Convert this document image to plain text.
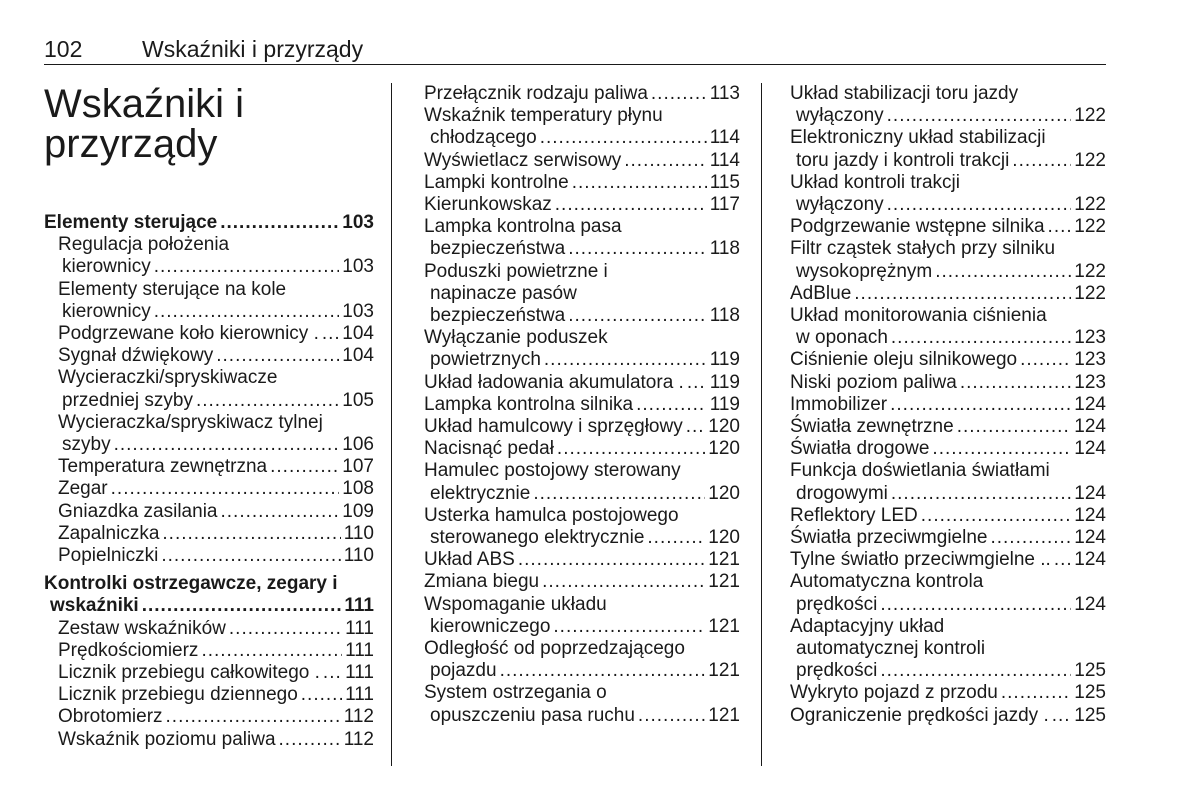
102	Wskaźniki i przyrządy
Wskaźniki i
przyrządy
Elementy sterujące .....	103
Regulacja położenia
kierownicy .....	103
Elementy sterujące na kole
kierownicy .....	103
Podgrzewane koło kierownicy . ..... 104
Sygnał dźwiękowy .....	104
Wycieraczki/spryskiwacze
przedniej szyby .....	105
Wycieraczka/spryskiwacz tylnej
szyby .....	106
Temperatura zewnętrzna .....	107
Zegar .....	108
Gniazdka zasilania .....	109
Zapalniczka .....	110
Popielniczki .....	110
Kontrolki ostrzegawcze, zegary i
wskaźniki .....	111
Zestaw wskaźników .....	111
Prędkościomierz .....	111
Licznik przebiegu całkowitego . ..... 111
Licznik przebiegu dziennego ..... 111
Obrotomierz .....	112
Wskaźnik poziomu paliwa .....	112
Przełącznik rodzaju paliwa .....	113
Wskaźnik temperatury płynu
chłodzącego .....	114
Wyświetlacz serwisowy .....	114
Lampki kontrolne .....	115
Kierunkowskaz .....	117
Lampka kontrolna pasa
bezpieczeństwa .....	118
Poduszki powietrzne i
napinacze pasów
bezpieczeństwa .....	118
Wyłączanie poduszek
powietrznych .....	119
Układ ładowania akumulatora . ..... 119
Lampka kontrolna silnika .....	119
Układ hamulcowy i sprzęgłowy ..... 120
Nacisnąć pedał .....	120
Hamulec postojowy sterowany
elektrycznie .....	120
Usterka hamulca postojowego
sterowanego elektrycznie .....	120
Układ ABS .....	121
Zmiana biegu .....	121
Wspomaganie układu
kierowniczego .....	121
Odległość od poprzedzającego
pojazdu .....	121
System ostrzegania o
opuszczeniu pasa ruchu .....	121
Układ stabilizacji toru jazdy
wyłączony .....	122
Elektroniczny układ stabilizacji
toru jazdy i kontroli trakcji .....	122
Układ kontroli trakcji
wyłączony .....	122
Podgrzewanie wstępne silnika ..... 122
Filtr cząstek stałych przy silniku
wysokoprężnym .....	122
AdBlue .....	122
Układ monitorowania ciśnienia
w oponach .....	123
Ciśnienie oleju silnikowego .....	123
Niski poziom paliwa .....	123
Immobilizer .....	124
Światła zewnętrzne .....	124
Światła drogowe .....	124
Funkcja doświetlania światłami
drogowymi .....	124
Reflektory LED .....	124
Światła przeciwmgielne .....	124
Tylne światło przeciwmgielne .. ..... 124
Automatyczna kontrola
prędkości .....	124
Adaptacyjny układ
automatycznej kontroli
prędkości .....	125
Wykryto pojazd z przodu .....	125
Ograniczenie prędkości jazdy . ..... 125
